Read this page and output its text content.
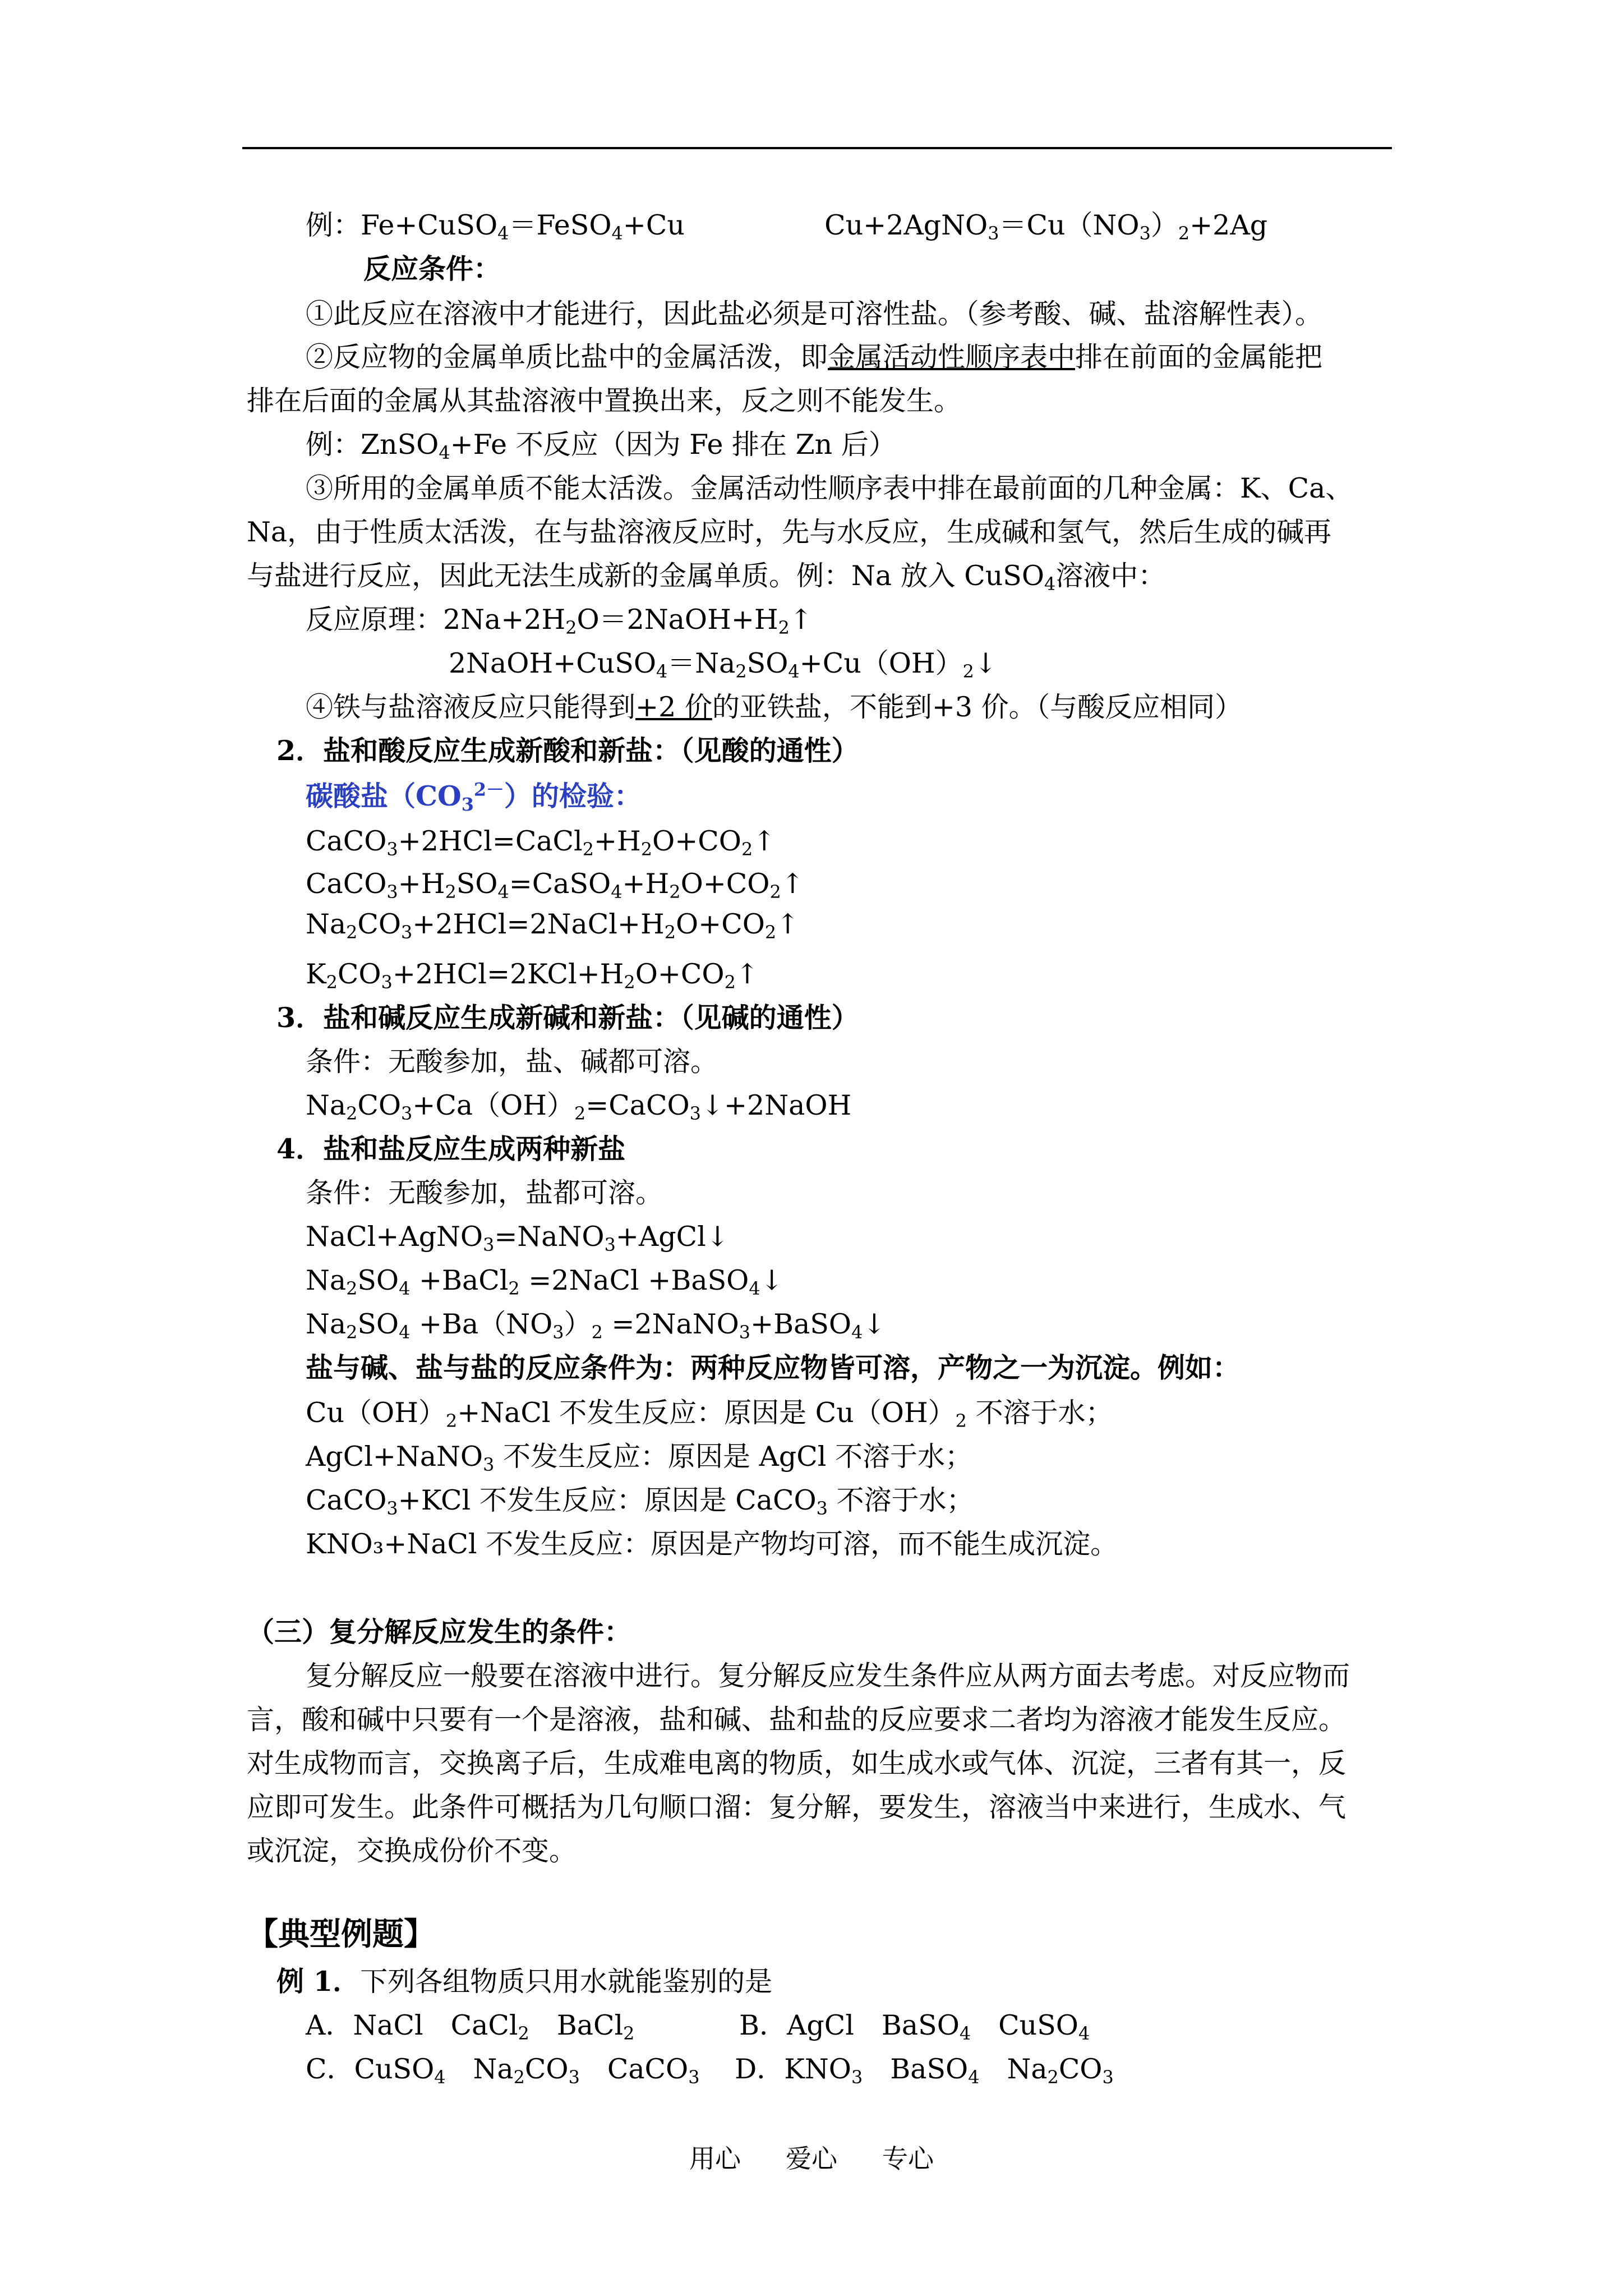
例：Fe+CuSO$_4$＝FeSO$_4$+Cu	$Cu+2AgNO_3=Cu(NO_3)_2+2Ag$
反应条件：
①此反应在溶液中才能进行，因此盐必须是可溶性盐。（参考酸、碱、盐溶解性表）。
②反应物的金属单质比盐中的金属活泼，即金属活动性顺序表中排在前面的金属能把
排在后面的金属从其盐溶液中置换出来，反之则不能发生。
例：ZnSO$_4$+Fe 不反应（因为 Fe 排在 Zn 后）
③所用的金属单质不能太活泼。金属活动性顺序表中排在最前面的几种金属：K、Ca、
Na，由于性质太活泼，在与盐溶液反应时，先与水反应，生成碱和氢气，然后生成的碱再
与盐进行反应，因此无法生成新的金属单质。例：Na 放入 CuSO$_4$溶液中：
反应原理：$2Na+2H_2O=2NaOH+H_2↑$
$2NaOH+CuSO_4=Na_2SO_4+Cu(OH)_2↓$
④铁与盐溶液反应只能得到+2 价的亚铁盐，不能到+3 价。（与酸反应相同）
2．盐和酸反应生成新酸和新盐：（见酸的通性）
碳酸盐$(CO_3^{2-})$的检验：
$CaCO_3+2HCl=CaCl_2+H_2O+CO_2↑$
$CaCO_3+H_2SO_4=CaSO_4+H_2O+CO_2↑$
$Na_2CO_3+2HCl=2NaCl+H_2O+CO_2↑$
$K_2CO_3+2HCl=2KCl+H_2O+CO_2↑$
3．盐和碱反应生成新碱和新盐：（见碱的通性）
条件：无酸参加，盐、碱都可溶。
$Na_2CO_3+Ca(OH)_2=CaCO_3↓+2NaOH$
4．盐和盐反应生成两种新盐
条件：无酸参加，盐都可溶。
NaCl+AgNO$_3$=NaNO$_3$+AgCl↓
$Na_2SO_4$ +BaCl$_2$ =2NaCl +BaSO$_4$↓
$Na_2SO_4 +Ba(NO_3)_2$ =2NaNO$_3$+BaSO$_4$↓
盐与碱、盐与盐的反应条件为：两种反应物皆可溶，产物之一为沉淀。例如：
$Cu(OH)_2+NaCl$ 不发生反应：原因是 $Cu(OH)_2$ 不溶于水；
AgCl+NaNO$_3$ 不发生反应：原因是 AgCl 不溶于水；
CaCO$_3$+KCl 不发生反应：原因是 CaCO$_3$ 不溶于水；
KNO₃+NaCl 不发生反应：原因是产物均可溶，而不能生成沉淀。
（三）复分解反应发生的条件：
复分解反应一般要在溶液中进行。复分解反应发生条件应从两方面去考虑。对反应物而
言，酸和碱中只要有一个是溶液，盐和碱、盐和盐的反应要求二者均为溶液才能发生反应。
对生成物而言，交换离子后，生成难电离的物质，如生成水或气体、沉淀，三者有其一，反
应即可发生。此条件可概括为几句顺口溜：复分解，要发生，溶液当中来进行，生成水、气
或沉淀，交换成份价不变。
【典型例题】
例 1．下列各组物质只用水就能鉴别的是
A．NaCl　CaCl$_2$　BaCl$_2$	B．AgCl　BaSO$_4$　CuSO$_4$
C．CuSO$_4$　$Na_2CO_3$　CaCO$_3$ D．$KNO_3$　BaSO$_4$　$Na_2CO_3$
用心 爱心 专心
